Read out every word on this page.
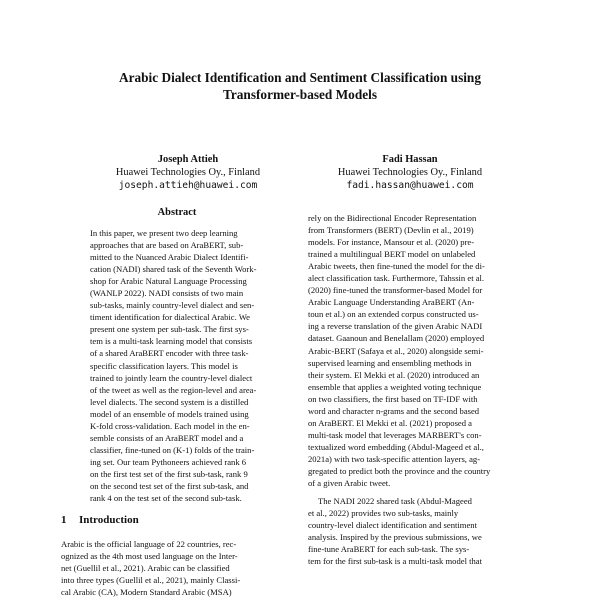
Arabic Dialect Identification and Sentiment Classification using
Transformer-based Models
Joseph Attieh
Huawei Technologies Oy., Finland
joseph.attieh@huawei.com
Fadi Hassan
Huawei Technologies Oy., Finland
fadi.hassan@huawei.com
Abstract
In this paper, we present two deep learning
approaches that are based on AraBERT, sub-
mitted to the Nuanced Arabic Dialect Identifi-
cation (NADI) shared task of the Seventh Work-
shop for Arabic Natural Language Processing
(WANLP 2022). NADI consists of two main
sub-tasks, mainly country-level dialect and sen-
timent identification for dialectical Arabic. We
present one system per sub-task. The first sys-
tem is a multi-task learning model that consists
of a shared AraBERT encoder with three task-
specific classification layers. This model is
trained to jointly learn the country-level dialect
of the tweet as well as the region-level and area-
level dialects. The second system is a distilled
model of an ensemble of models trained using
K-fold cross-validation. Each model in the en-
semble consists of an AraBERT model and a
classifier, fine-tuned on (K-1) folds of the train-
ing set. Our team Pythoneers achieved rank 6
on the first test set of the first sub-task, rank 9
on the second test set of the first sub-task, and
rank 4 on the test set of the second sub-task.
1 Introduction
Arabic is the official language of 22 countries, rec-
ognized as the 4th most used language on the Inter-
net (Guellil et al., 2021). Arabic can be classified
into three types (Guellil et al., 2021), mainly Classi-
cal Arabic (CA), Modern Standard Arabic (MSA)
rely on the Bidirectional Encoder Representation
from Transformers (BERT) (Devlin et al., 2019)
models. For instance, Mansour et al. (2020) pre-
trained a multilingual BERT model on unlabeled
Arabic tweets, then fine-tuned the model for the di-
alect classification task. Furthermore, Tahssin et al.
(2020) fine-tuned the transformer-based Model for
Arabic Language Understanding AraBERT (An-
toun et al.) on an extended corpus constructed us-
ing a reverse translation of the given Arabic NADI
dataset. Gaanoun and Benelallam (2020) employed
Arabic-BERT (Safaya et al., 2020) alongside semi-
supervised learning and ensembling methods in
their system. El Mekki et al. (2020) introduced an
ensemble that applies a weighted voting technique
on two classifiers, the first based on TF-IDF with
word and character n-grams and the second based
on AraBERT. El Mekki et al. (2021) proposed a
multi-task model that leverages MARBERT's con-
textualized word embedding (Abdul-Mageed et al.,
2021a) with two task-specific attention layers, ag-
gregated to predict both the province and the country
of a given Arabic tweet.
The NADI 2022 shared task (Abdul-Mageed
et al., 2022) provides two sub-tasks, mainly
country-level dialect identification and sentiment
analysis. Inspired by the previous submissions, we
fine-tune AraBERT for each sub-task. The sys-
tem for the first sub-task is a multi-task model that
